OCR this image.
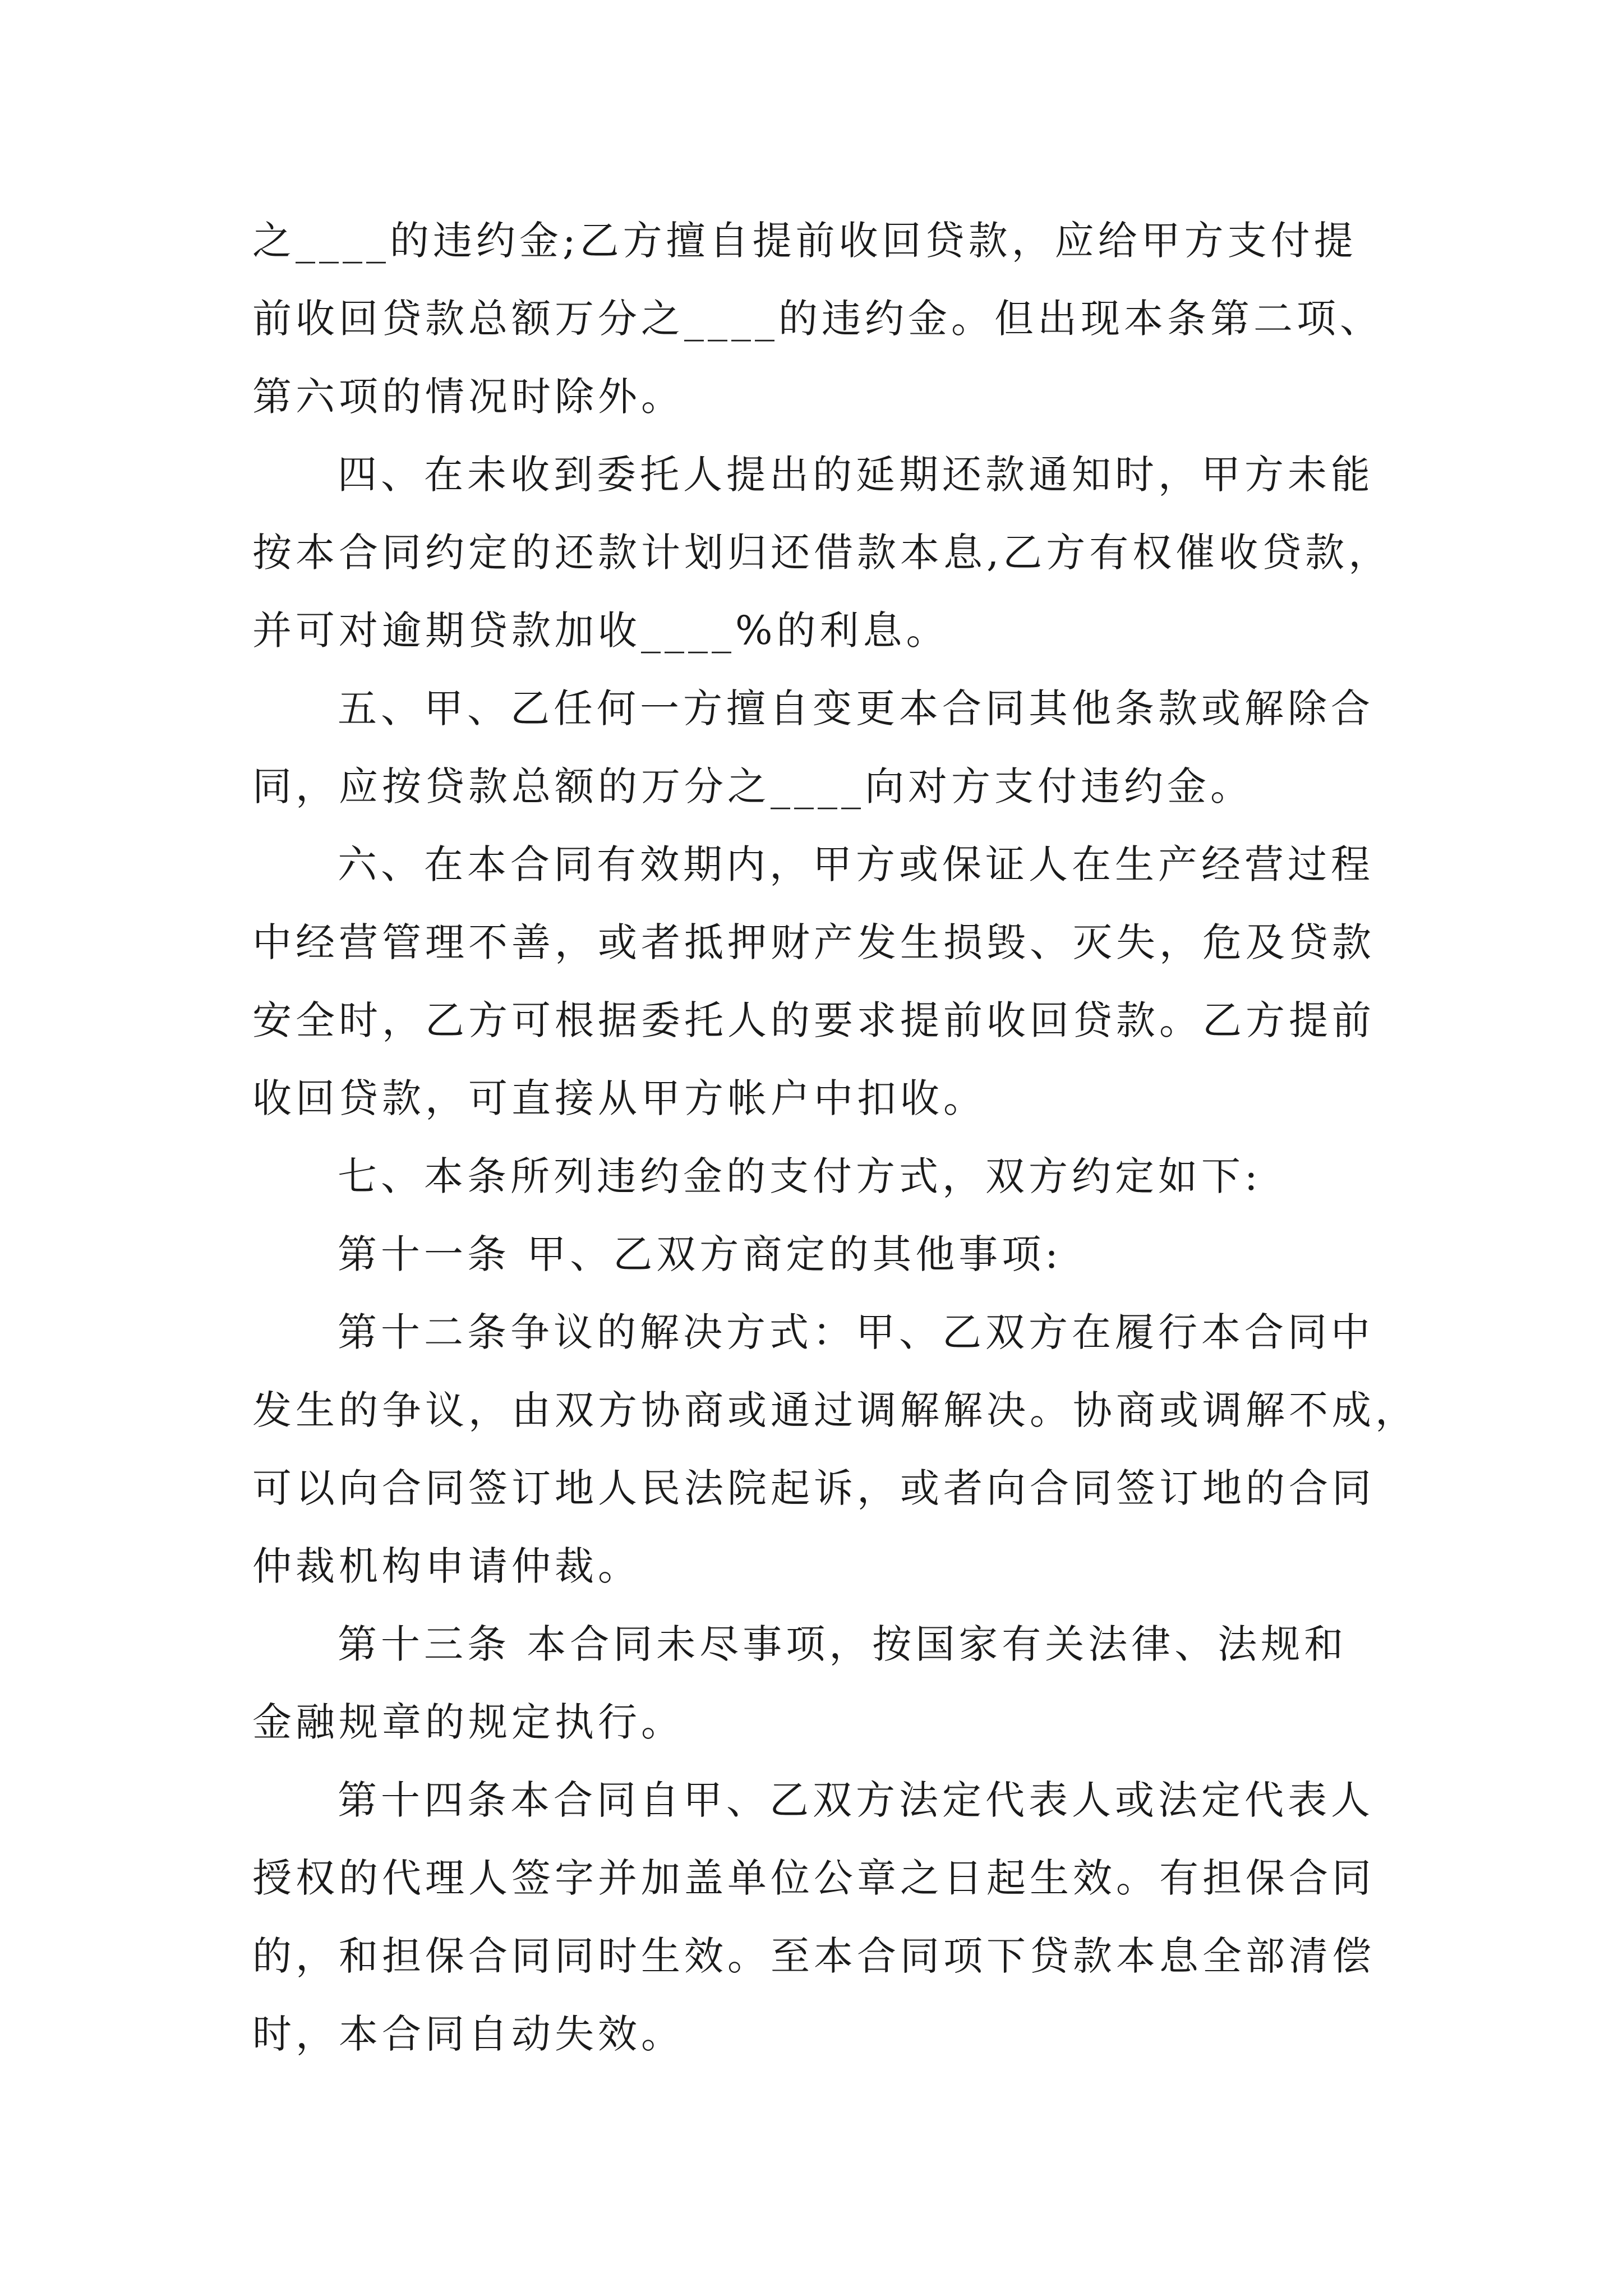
之____的违约金;乙方擅自提前收回贷款，应给甲方支付提
前收回贷款总额万分之____的违约金。但出现本条第二项、
第六项的情况时除外。
四、在未收到委托人提出的延期还款通知时，甲方未能
按本合同约定的还款计划归还借款本息,乙方有权催收贷款，
并可对逾期贷款加收____%的利息。
五、甲、乙任何一方擅自变更本合同其他条款或解除合
同，应按贷款总额的万分之____向对方支付违约金。
六、在本合同有效期内，甲方或保证人在生产经营过程
中经营管理不善，或者抵押财产发生损毁、灭失，危及贷款
安全时，乙方可根据委托人的要求提前收回贷款。乙方提前
收回贷款，可直接从甲方帐户中扣收。
七、本条所列违约金的支付方式，双方约定如下:
第十一条 甲、乙双方商定的其他事项:
第十二条争议的解决方式：甲、乙双方在履行本合同中
发生的争议，由双方协商或通过调解解决。协商或调解不成，
可以向合同签订地人民法院起诉，或者向合同签订地的合同
仲裁机构申请仲裁。
第十三条 本合同未尽事项，按国家有关法律、法规和
金融规章的规定执行。
第十四条本合同自甲、乙双方法定代表人或法定代表人
授权的代理人签字并加盖单位公章之日起生效。有担保合同
的，和担保合同同时生效。至本合同项下贷款本息全部清偿
时，本合同自动失效。
